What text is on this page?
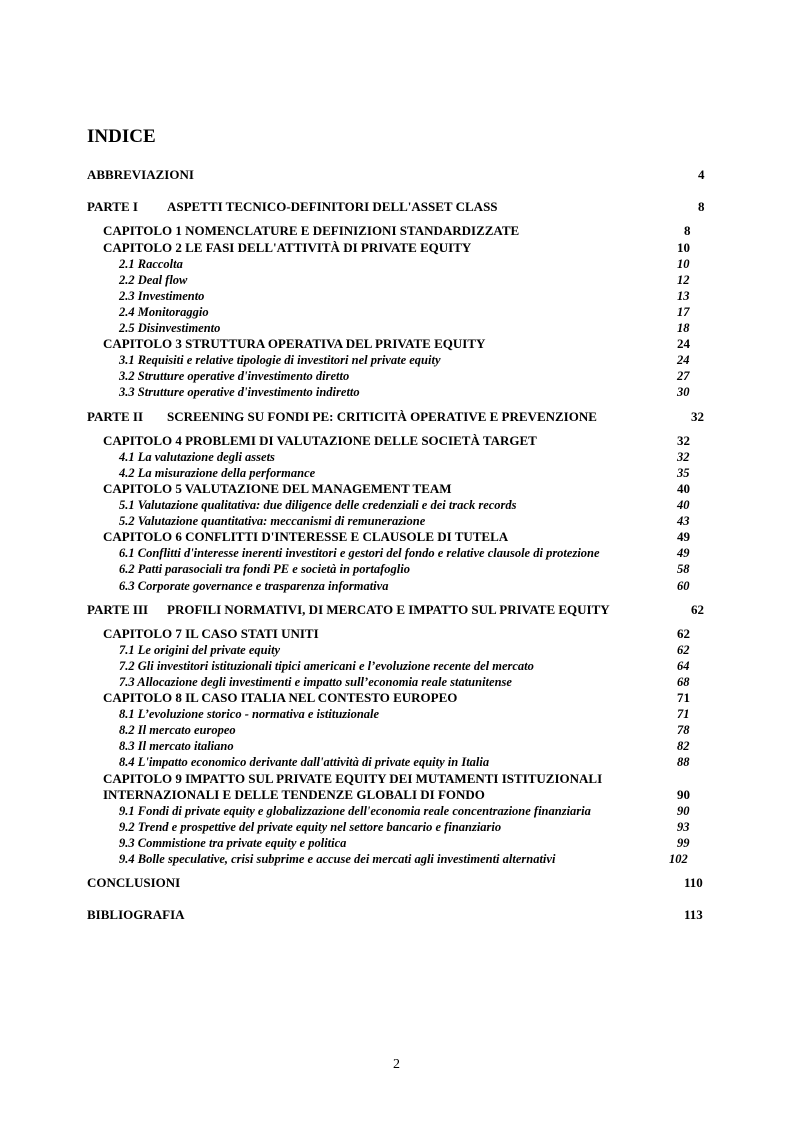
INDICE
ABBREVIAZIONI	4
PARTE I ASPETTI TECNICO-DEFINITORI DELL'ASSET CLASS	8
CAPITOLO 1 NOMENCLATURE E DEFINIZIONI STANDARDIZZATE	8
CAPITOLO 2 LE FASI DELL'ATTIVITÀ DI PRIVATE EQUITY	10
2.1 Raccolta	10
2.2 Deal flow	12
2.3 Investimento	13
2.4 Monitoraggio	17
2.5 Disinvestimento	18
CAPITOLO 3 STRUTTURA OPERATIVA DEL PRIVATE EQUITY	24
3.1 Requisiti e relative tipologie di investitori nel private equity	24
3.2 Strutture operative d'investimento diretto	27
3.3 Strutture operative d'investimento indiretto	30
PARTE II SCREENING SU FONDI PE: CRITICITÀ OPERATIVE E PREVENZIONE	32
CAPITOLO 4 PROBLEMI DI VALUTAZIONE DELLE SOCIETÀ TARGET	32
4.1 La valutazione degli assets	32
4.2 La misurazione della performance	35
CAPITOLO 5 VALUTAZIONE DEL MANAGEMENT TEAM	40
5.1 Valutazione qualitativa: due diligence delle credenziali e dei track records	40
5.2 Valutazione quantitativa: meccanismi di remunerazione	43
CAPITOLO 6 CONFLITTI D'INTERESSE E CLAUSOLE DI TUTELA	49
6.1 Conflitti d'interesse inerenti investitori e gestori del fondo e relative clausole di protezione	49
6.2 Patti parasociali tra fondi PE e società in portafoglio	58
6.3 Corporate governance e trasparenza informativa	60
PARTE III PROFILI NORMATIVI, DI MERCATO E IMPATTO SUL PRIVATE EQUITY	62
CAPITOLO 7 IL CASO STATI UNITI	62
7.1 Le origini del private equity	62
7.2 Gli investitori istituzionali tipici americani e l’evoluzione recente del mercato	64
7.3 Allocazione degli investimenti e impatto sull’economia reale statunitense	68
CAPITOLO 8 IL CASO ITALIA NEL CONTESTO EUROPEO	71
8.1 L’evoluzione storico - normativa e istituzionale	71
8.2 Il mercato europeo	78
8.3 Il mercato italiano	82
8.4 L'impatto economico derivante dall'attività di private equity in Italia	88
CAPITOLO 9 IMPATTO SUL PRIVATE EQUITY DEI MUTAMENTI ISTITUZIONALI
INTERNAZIONALI E DELLE TENDENZE GLOBALI DI FONDO	90
9.1 Fondi di private equity e globalizzazione dell'economia reale concentrazione finanziaria	90
9.2 Trend e prospettive del private equity nel settore bancario e finanziario	93
9.3 Commistione tra private equity e politica	99
9.4 Bolle speculative, crisi subprime e accuse dei mercati agli investimenti alternativi	102
CONCLUSIONI	110
BIBLIOGRAFIA	113
2
